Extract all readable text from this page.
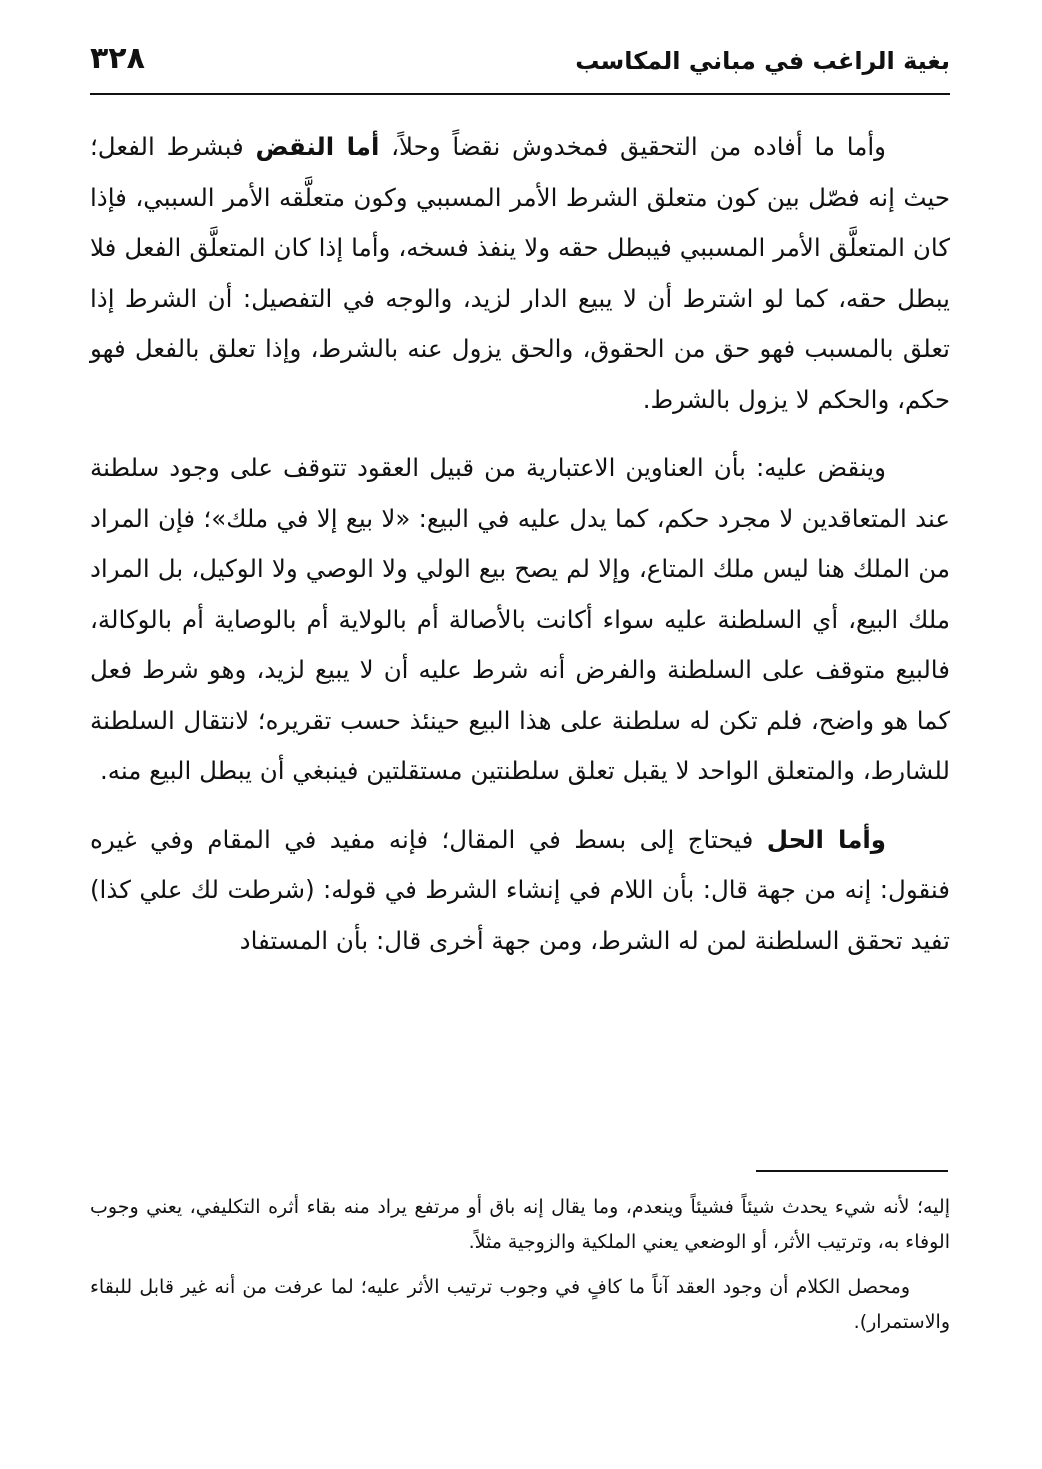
بغية الراغب في مباني المكاسب
٣٢٨

وأما ما أفاده من التحقيق فمخدوش نقضاً وحلاً، أما النقض فبشرط الفعل؛ حيث إنه فصّل بين كون متعلق الشرط الأمر المسببي وكون متعلَّقه الأمر السببي، فإذا كان المتعلَّق الأمر المسببي فيبطل حقه ولا ينفذ فسخه، وأما إذا كان المتعلَّق الفعل فلا يبطل حقه، كما لو اشترط أن لا يبيع الدار لزيد، والوجه في التفصيل: أن الشرط إذا تعلق بالمسبب فهو حق من الحقوق، والحق يزول عنه بالشرط، وإذا تعلق بالفعل فهو حكم، والحكم لا يزول بالشرط.

وينقض عليه: بأن العناوين الاعتبارية من قبيل العقود تتوقف على وجود سلطنة عند المتعاقدين لا مجرد حكم، كما يدل عليه في البيع: «لا بيع إلا في ملك»؛ فإن المراد من الملك هنا ليس ملك المتاع، وإلا لم يصح بيع الولي ولا الوصي ولا الوكيل، بل المراد ملك البيع، أي السلطنة عليه سواء أكانت بالأصالة أم بالولاية أم بالوصاية أم بالوكالة، فالبيع متوقف على السلطنة والفرض أنه شرط عليه أن لا يبيع لزيد، وهو شرط فعل كما هو واضح، فلم تكن له سلطنة على هذا البيع حينئذ حسب تقريره؛ لانتقال السلطنة للشارط، والمتعلق الواحد لا يقبل تعلق سلطنتين مستقلتين فينبغي أن يبطل البيع منه.

وأما الحل فيحتاج إلى بسط في المقال؛ فإنه مفيد في المقام وفي غيره فنقول: إنه من جهة قال: بأن اللام في إنشاء الشرط في قوله: (شرطت لك علي كذا) تفيد تحقق السلطنة لمن له الشرط، ومن جهة أخرى قال: بأن المستفاد

إليه؛ لأنه شيء يحدث شيئاً فشيئاً وينعدم، وما يقال إنه باق أو مرتفع يراد منه بقاء أثره التكليفي، يعني وجوب الوفاء به، وترتيب الأثر، أو الوضعي يعني الملكية والزوجية مثلاً.

ومحصل الكلام أن وجود العقد آناً ما كافٍ في وجوب ترتيب الأثر عليه؛ لما عرفت من أنه غير قابل للبقاء والاستمرار).
